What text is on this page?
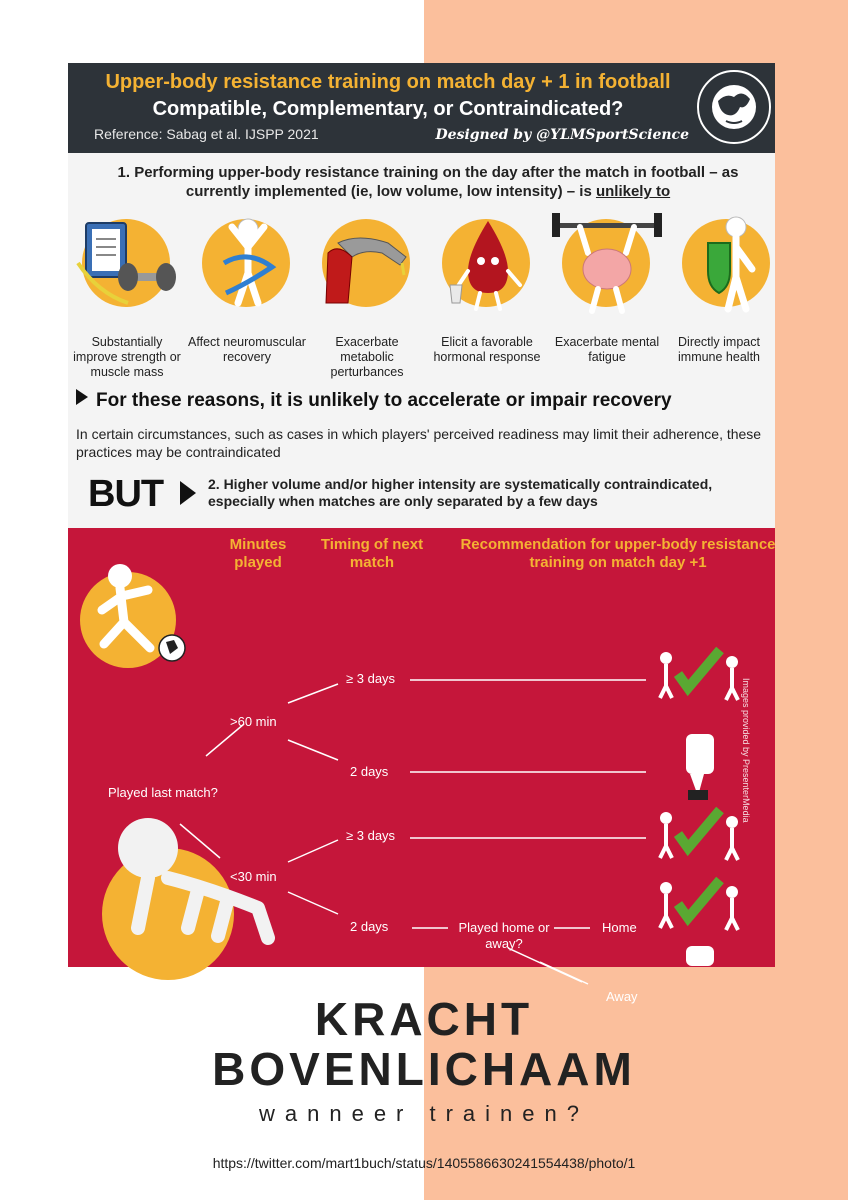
Upper-body resistance training on match day + 1 in football
Compatible, Complementary, or Contraindicated?
Reference: Sabag et al. IJSPP 2021	Designed by @YLMSportScience
1. Performing upper-body resistance training on the day after the match in football – as currently implemented (ie, low volume, low intensity) – is unlikely to
Substantially improve strength or muscle mass
Affect neuromuscular recovery
Exacerbate metabolic perturbances
Elicit a favorable hormonal response
Exacerbate mental fatigue
Directly impact immune health
For these reasons, it is unlikely to accelerate or impair recovery
In certain circumstances, such as cases in which players' perceived readiness may limit their adherence, these practices may be contraindicated
BUT	2. Higher volume and/or higher intensity are systematically contraindicated, especially when matches are only separated by a few days
Minutes played
Timing of next match
Recommendation for upper-body resistance training on match day +1
Played last match?
>60 min
<30 min
≥ 3 days
2 days
≥ 3 days
2 days	Played home or away?
Home
Away
Images provided by PresenterMedia
KRACHT
BOVENLICHAAM
wanneer trainen?
https://twitter.com/mart1buch/status/1405586630241554438/photo/1
